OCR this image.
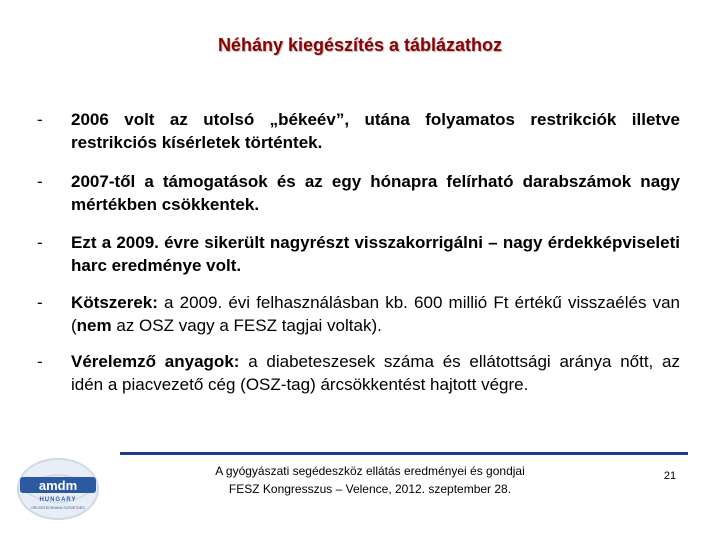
Néhány kiegészítés a táblázathoz
- 2006 volt az utolsó „békeév”, utána folyamatos restrikciók illetve restrikciós kísérletek történtek.
- 2007-től a támogatások és az egy hónapra felírható darabszámok nagy mértékben csökkentek.
- Ezt a 2009. évre sikerült nagyrészt visszakorrigálni – nagy érdekképviseleti harc eredménye volt.
- Kötszerek: a 2009. évi felhasználásban kb. 600 millió Ft értékű visszaélés van (nem az OSZ vagy a FESZ tagjai voltak).
- Vérelemző anyagok: a diabeteszesek száma és ellátottsági aránya nőtt, az idén a piacvezető cég (OSZ-tag) árcsökkentést hajtott végre.
amdm
HUNGARY
ORVOSTECHNIKAI SZÖVETSÉG
A gyógyászati segédeszköz ellátás eredményei és gondjai
FESZ Kongresszus – Velence, 2012. szeptember 28.
21
